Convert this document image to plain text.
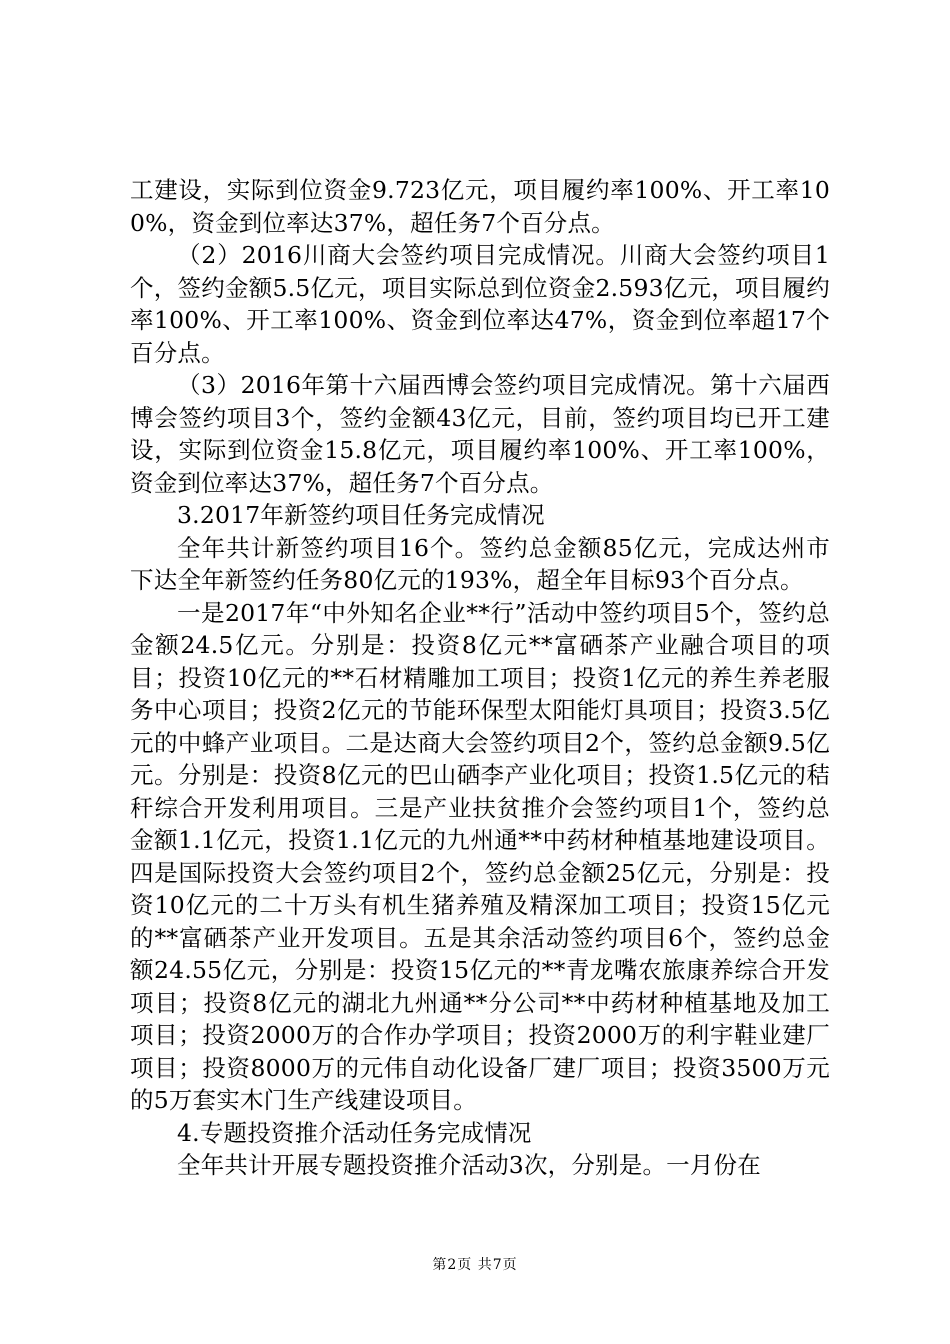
工建设，实际到位资金9.723亿元，项目履约率100%、开工率100%，资金到位率达37%，超任务7个百分点。

（2）2016川商大会签约项目完成情况。川商大会签约项目1个，签约金额5.5亿元，项目实际总到位资金2.593亿元，项目履约率100%、开工率100%、资金到位率达47%，资金到位率超17个百分点。

（3）2016年第十六届西博会签约项目完成情况。第十六届西博会签约项目3个，签约金额43亿元，目前，签约项目均已开工建设，实际到位资金15.8亿元，项目履约率100%、开工率100%，资金到位率达37%，超任务7个百分点。

3.2017年新签约项目任务完成情况

全年共计新签约项目16个。签约总金额85亿元，完成达州市下达全年新签约任务80亿元的193%，超全年目标93个百分点。

一是2017年“中外知名企业**行”活动中签约项目5个，签约总金额24.5亿元。分别是：投资8亿元**富硒茶产业融合项目的项目；投资10亿元的**石材精雕加工项目；投资1亿元的养生养老服务中心项目；投资2亿元的节能环保型太阳能灯具项目；投资3.5亿元的中蜂产业项目。二是达商大会签约项目2个，签约总金额9.5亿元。分别是：投资8亿元的巴山硒李产业化项目；投资1.5亿元的秸秆综合开发利用项目。三是产业扶贫推介会签约项目1个，签约总金额1.1亿元，投资1.1亿元的九州通**中药材种植基地建设项目。四是国际投资大会签约项目2个，签约总金额25亿元，分别是：投资10亿元的二十万头有机生猪养殖及精深加工项目；投资15亿元的**富硒茶产业开发项目。五是其余活动签约项目6个，签约总金额24.55亿元，分别是：投资15亿元的**青龙嘴农旅康养综合开发项目；投资8亿元的湖北九州通**分公司**中药材种植基地及加工项目；投资2000万的合作办学项目；投资2000万的利宇鞋业建厂项目；投资8000万的元伟自动化设备厂建厂项目；投资3500万元的5万套实木门生产线建设项目。

4.专题投资推介活动任务完成情况

全年共计开展专题投资推介活动3次，分别是。一月份在

第2页 共7页
